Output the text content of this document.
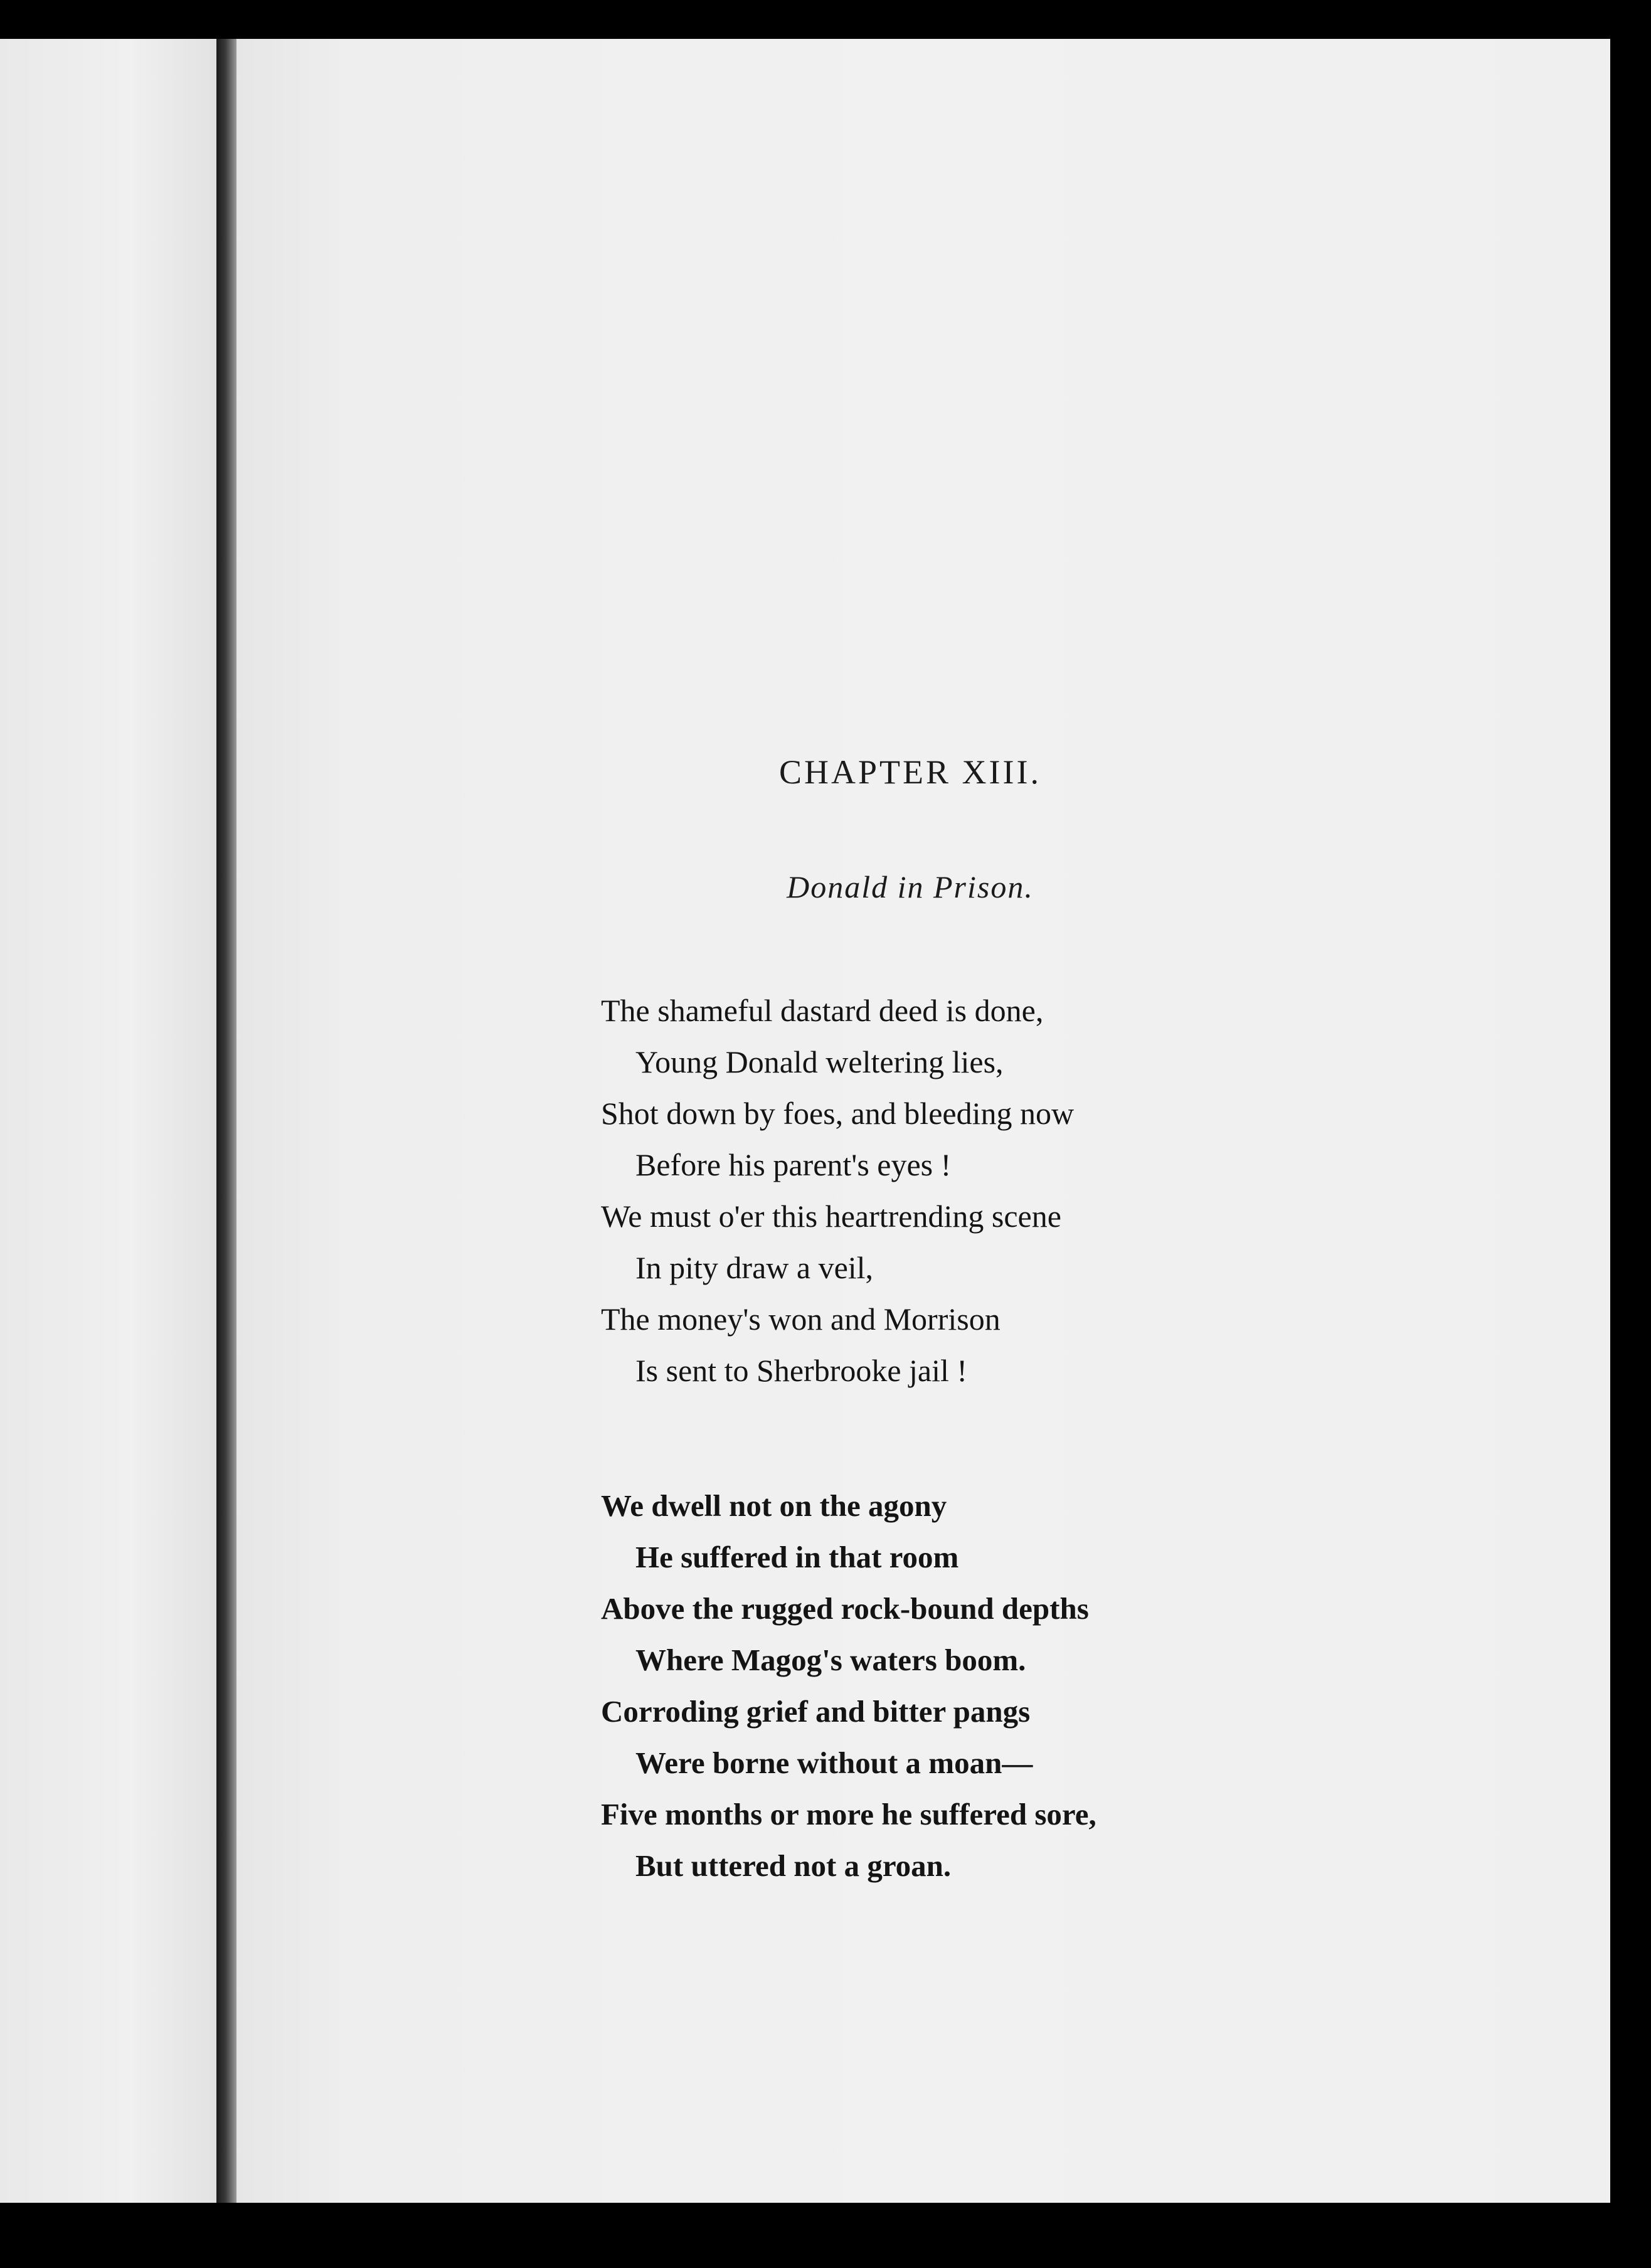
CHAPTER XIII.
Donald in Prison.
The shameful dastard deed is done,
Young Donald weltering lies,
Shot down by foes, and bleeding now
Before his parent's eyes !
We must o'er this heartrending scene
In pity draw a veil,
The money's won and Morrison
Is sent to Sherbrooke jail !
We dwell not on the agony
He suffered in that room
Above the rugged rock-bound depths
Where Magog's waters boom.
Corroding grief and bitter pangs
Were borne without a moan—
Five months or more he suffered sore,
But uttered not a groan.
